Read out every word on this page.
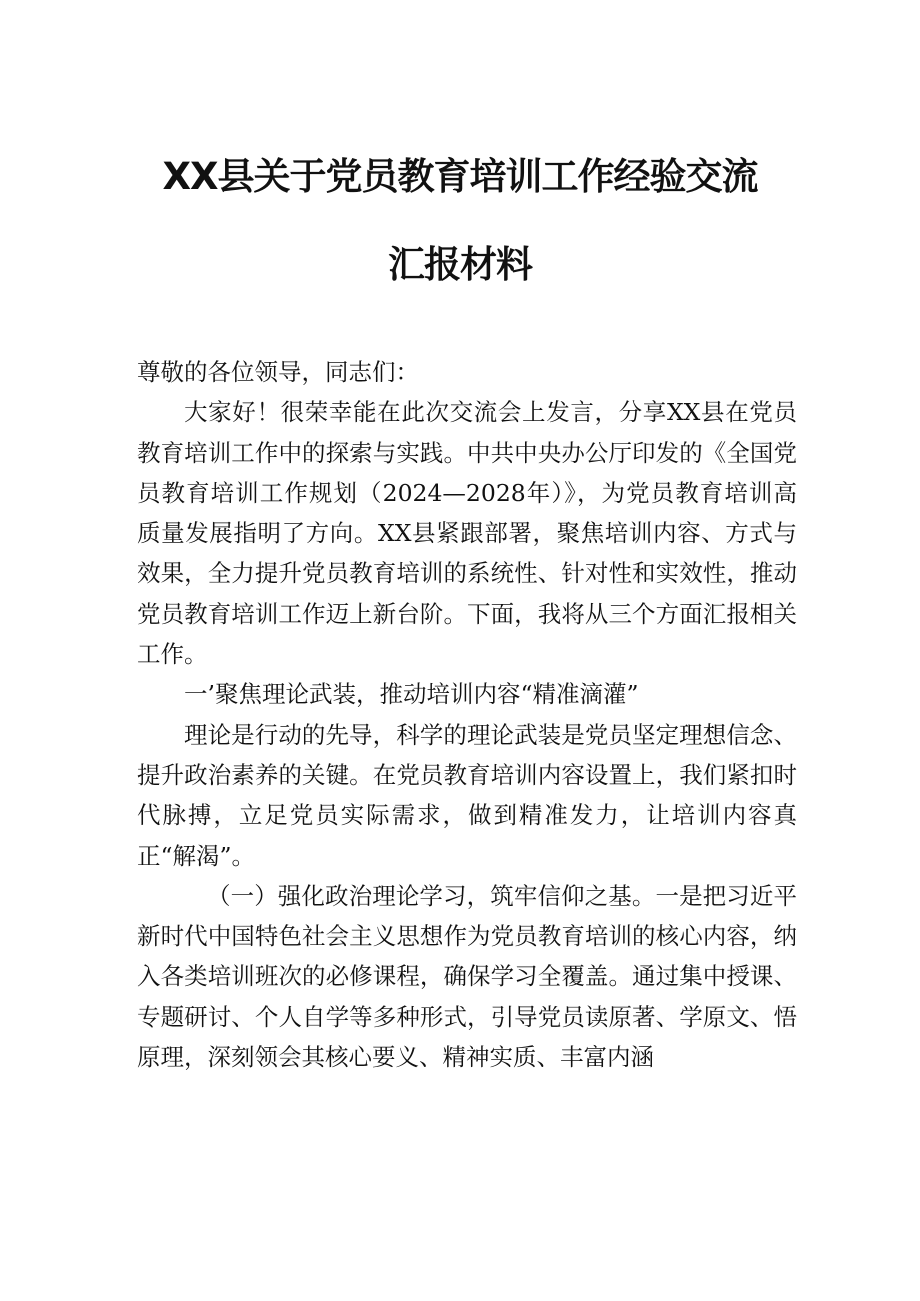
XX县关于党员教育培训工作经验交流
汇报材料

尊敬的各位领导，同志们：

大家好！很荣幸能在此次交流会上发言，分享XX县在党员教育培训工作中的探索与实践。中共中央办公厅印发的《全国党员教育培训工作规划（2024—2028年）》，为党员教育培训高质量发展指明了方向。XX县紧跟部署，聚焦培训内容、方式与效果，全力提升党员教育培训的系统性、针对性和实效性，推动党员教育培训工作迈上新台阶。下面，我将从三个方面汇报相关工作。

一’聚焦理论武装，推动培训内容“精准滴灌”

理论是行动的先导，科学的理论武装是党员坚定理想信念、提升政治素养的关键。在党员教育培训内容设置上，我们紧扣时代脉搏，立足党员实际需求，做到精准发力，让培训内容真正“解渴”。

（一）强化政治理论学习，筑牢信仰之基。一是把习近平新时代中国特色社会主义思想作为党员教育培训的核心内容，纳入各类培训班次的必修课程，确保学习全覆盖。通过集中授课、专题研讨、个人自学等多种形式，引导党员读原著、学原文、悟原理，深刻领会其核心要义、精神实质、丰富内涵
